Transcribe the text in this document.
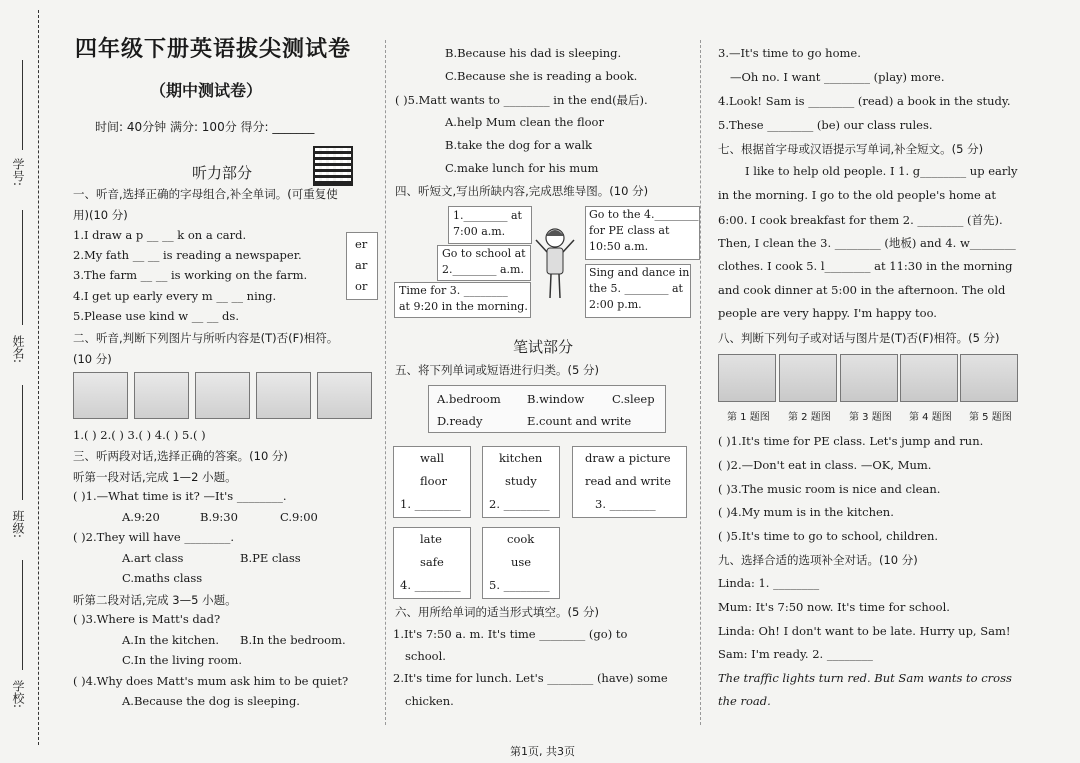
学号:
姓名:
班级:
学校:
四年级下册英语拔尖测试卷
（期中测试卷）
时间: 40分钟 满分: 100分 得分: _______
听力部分
一、听音,选择正确的字母组合,补全单词。(可重复使
用)(10 分)
1.I draw a p __ __ k on a card.
2.My fath __ __ is reading a newspaper.
3.The farm __ __ is working on the farm.
4.I get up early every m __ __ ning.
5.Please use kind w __ __ ds.
er
ar
or
二、听音,判断下列图片与所听内容是(T)否(F)相符。
(10 分)
1.( ) 2.( ) 3.( ) 4.( ) 5.( )
三、听两段对话,选择正确的答案。(10 分)
听第一段对话,完成 1—2 小题。
( )1.—What time is it? —It's ________.
A.9:20	B.9:30	C.9:00
( )2.They will have ________.
A.art class	B.PE class
C.maths class
听第二段对话,完成 3—5 小题。
( )3.Where is Matt's dad?
A.In the kitchen. B.In the bedroom.
C.In the living room.
( )4.Why does Matt's mum ask him to be quiet?
A.Because the dog is sleeping.
B.Because his dad is sleeping.
C.Because she is reading a book.
( )5.Matt wants to ________ in the end(最后).
A.help Mum clean the floor
B.take the dog for a walk
C.make lunch for his mum
四、听短文,写出所缺内容,完成思维导图。(10 分)
1.________ at
7:00 a.m.
Go to school at
2.________ a.m.
Time for 3. ________
at 9:20 in the morning.
Go to the 4.________
for PE class at
10:50 a.m.
Sing and dance in
the 5. ________ at
2:00 p.m.
笔试部分
五、将下列单词或短语进行归类。(5 分)
A.bedroom B.window C.sleep
D.ready	E.count and write
wall
floor
1. ________
kitchen
study
2. ________
draw a picture
read and write
3. ________
late
safe
4. ________
cook
use
5. ________
六、用所给单词的适当形式填空。(5 分)
1.It's 7:50 a. m. It's time ________ (go) to
school.
2.It's time for lunch. Let's ________ (have) some
chicken.
3.—It's time to go home.
—Oh no. I want ________ (play) more.
4.Look! Sam is ________ (read) a book in the study.
5.These ________ (be) our class rules.
七、根据首字母或汉语提示写单词,补全短文。(5 分)
I like to help old people. I 1. g________ up early
in the morning. I go to the old people's home at
6:00. I cook breakfast for them 2. ________ (首先).
Then, I clean the 3. ________ (地板) and 4. w________
clothes. I cook 5. l________ at 11:30 in the morning
and cook dinner at 5:00 in the afternoon. The old
people are very happy. I'm happy too.
八、判断下列句子或对话与图片是(T)否(F)相符。(5 分)
第 1 题图 第 2 题图 第 3 题图 第 4 题图 第 5 题图
( )1.It's time for PE class. Let's jump and run.
( )2.—Don't eat in class. —OK, Mum.
( )3.The music room is nice and clean.
( )4.My mum is in the kitchen.
( )5.It's time to go to school, children.
九、选择合适的选项补全对话。(10 分)
Linda: 1. ________
Mum: It's 7:50 now. It's time for school.
Linda: Oh! I don't want to be late. Hurry up, Sam!
Sam: I'm ready. 2. ________
The traffic lights turn red. But Sam wants to cross
the road.
第1页, 共3页
